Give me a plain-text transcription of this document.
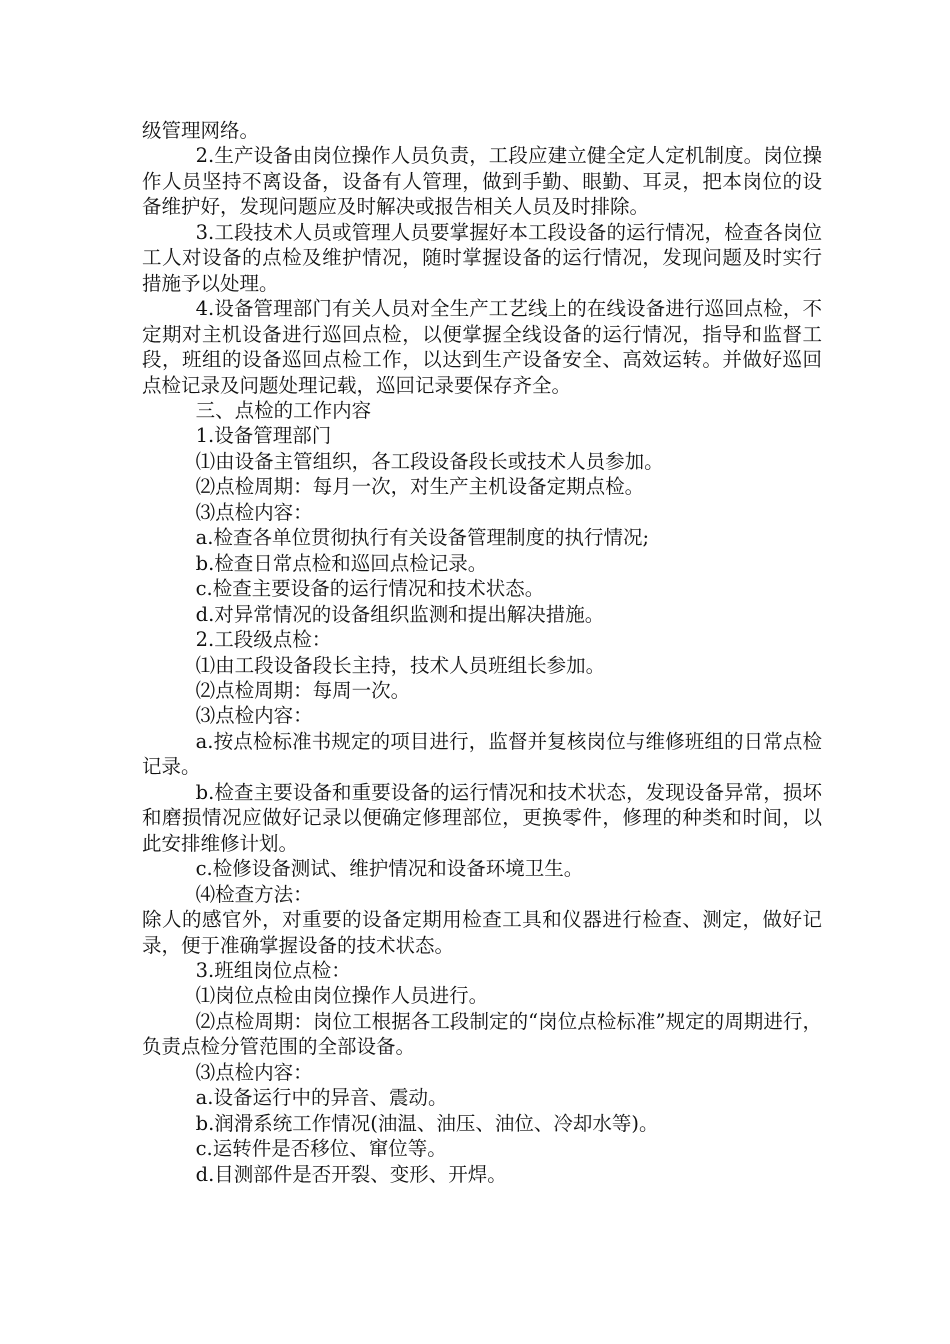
级管理网络。

2.生产设备由岗位操作人员负责，工段应建立健全定人定机制度。岗位操作人员坚持不离设备，设备有人管理，做到手勤、眼勤、耳灵，把本岗位的设备维护好，发现问题应及时解决或报告相关人员及时排除。

3.工段技术人员或管理人员要掌握好本工段设备的运行情况，检查各岗位工人对设备的点检及维护情况，随时掌握设备的运行情况，发现问题及时实行措施予以处理。

4.设备管理部门有关人员对全生产工艺线上的在线设备进行巡回点检，不定期对主机设备进行巡回点检，以便掌握全线设备的运行情况，指导和监督工段，班组的设备巡回点检工作，以达到生产设备安全、高效运转。并做好巡回点检记录及问题处理记载，巡回记录要保存齐全。

三、点检的工作内容

1.设备管理部门

⑴由设备主管组织，各工段设备段长或技术人员参加。

⑵点检周期：每月一次，对生产主机设备定期点检。

⑶点检内容：

a.检查各单位贯彻执行有关设备管理制度的执行情况;

b.检查日常点检和巡回点检记录。

c.检查主要设备的运行情况和技术状态。

d.对异常情况的设备组织监测和提出解决措施。

2.工段级点检：

⑴由工段设备段长主持，技术人员班组长参加。

⑵点检周期：每周一次。

⑶点检内容：

a.按点检标准书规定的项目进行，监督并复核岗位与维修班组的日常点检记录。

b.检查主要设备和重要设备的运行情况和技术状态，发现设备异常，损坏和磨损情况应做好记录以便确定修理部位，更换零件，修理的种类和时间，以此安排维修计划。

c.检修设备测试、维护情况和设备环境卫生。

⑷检查方法：

除人的感官外，对重要的设备定期用检查工具和仪器进行检查、测定，做好记录，便于准确掌握设备的技术状态。

3.班组岗位点检：

⑴岗位点检由岗位操作人员进行。

⑵点检周期：岗位工根据各工段制定的“岗位点检标准”规定的周期进行，负责点检分管范围的全部设备。

⑶点检内容：

a.设备运行中的异音、震动。

b.润滑系统工作情况(油温、油压、油位、冷却水等)。

c.运转件是否移位、窜位等。

d.目测部件是否开裂、变形、开焊。
